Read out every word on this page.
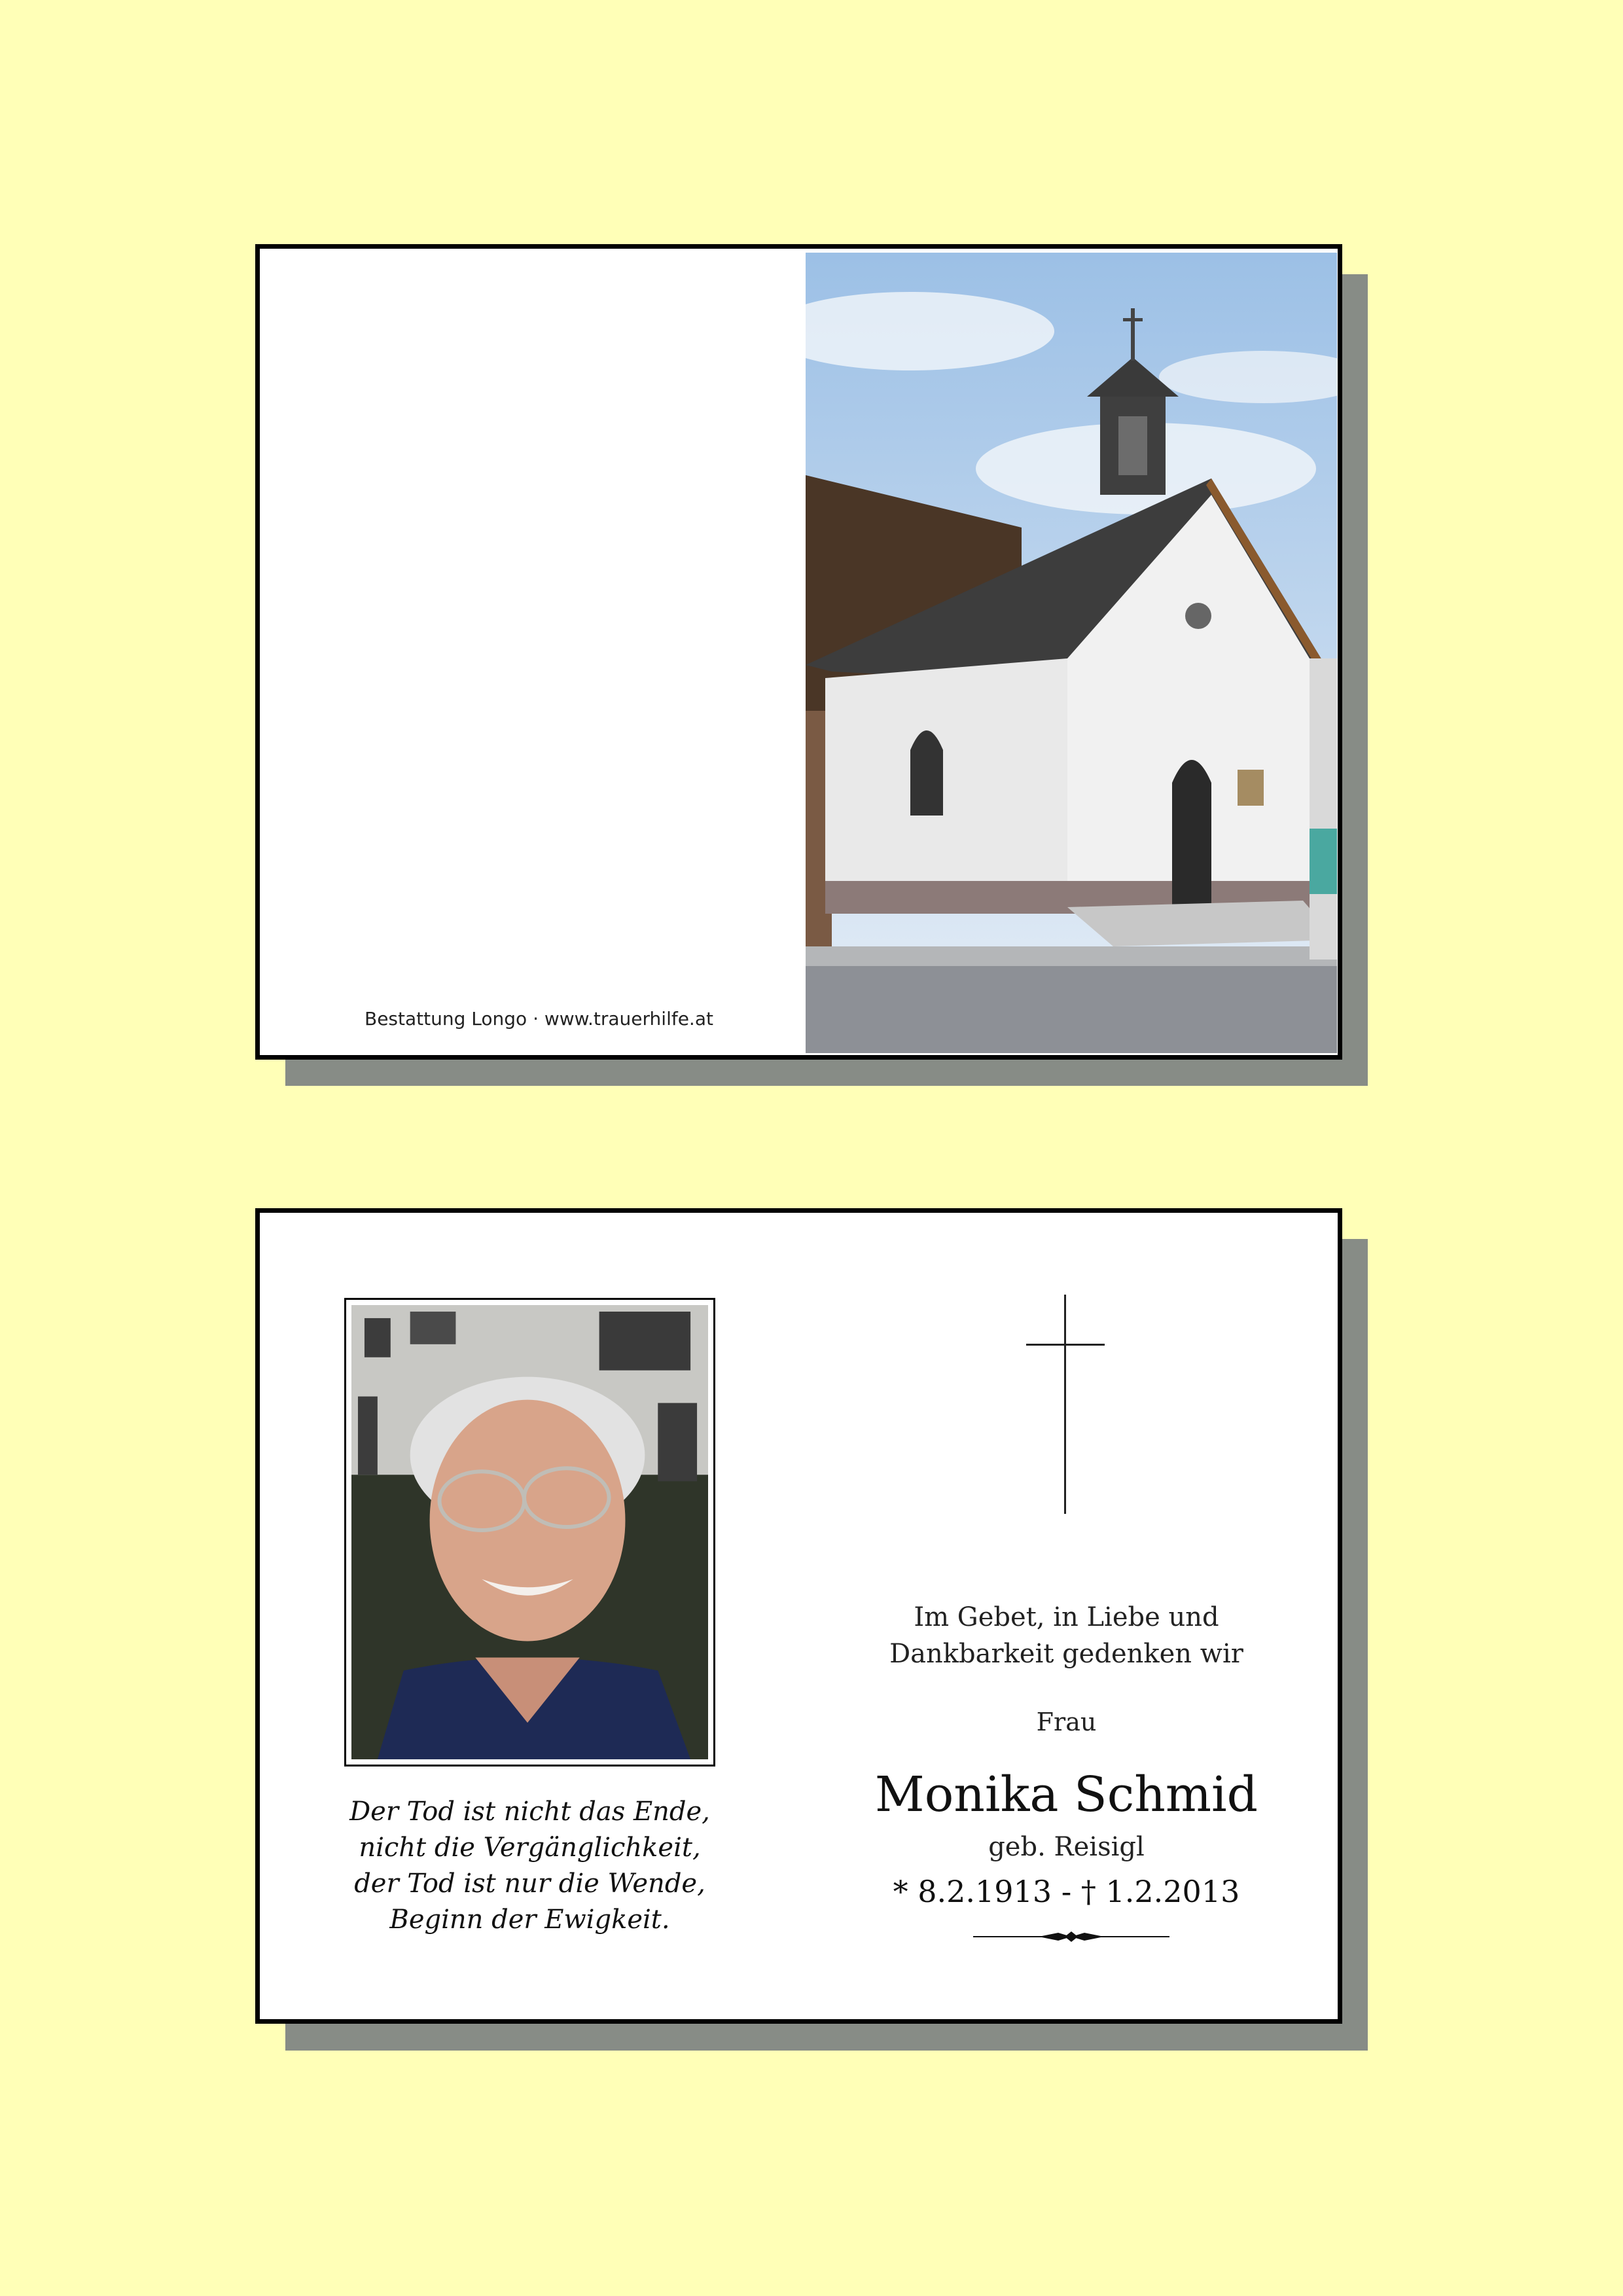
Bestattung Longo · www.trauerhilfe.at
Der Tod ist nicht das Ende,
nicht die Vergänglichkeit,
der Tod ist nur die Wende,
Beginn der Ewigkeit.
Im Gebet, in Liebe und
Dankbarkeit gedenken wir
Frau
Monika Schmid
geb. Reisigl
* 8.2.1913 - † 1.2.2013
